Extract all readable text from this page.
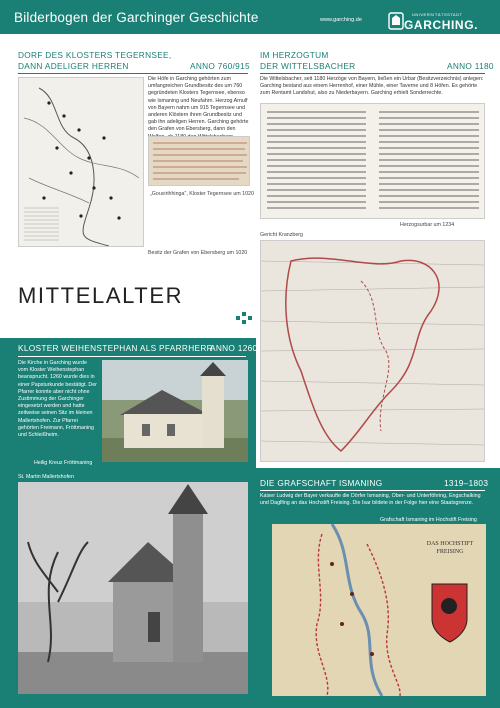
Bilderbogen der Garchinger Geschichte	www.garching.de
UNIVERSITÄTSSTADT
GARCHING.
DORF DES KLOSTERS TEGERNSEE,
DANN ADELIGER HERREN	ANNO 760/915
Die Höfe in Garching gehörten zum umfangreichen Grundbesitz des um 760 gegründeten Klosters Tegernsee, ebenso wie Ismaning und Neufahrn. Herzog Arnulf von Bayern nahm um 915 Tegernsee und anderen Klöstern ihren Grundbesitz und gab ihn adeligen Herren. Garching gehörte den Grafen von Ebersberg, dann den
„Gouvirihhinga", Kloster Tegernsee um 1020
Besitz der Grafen von Ebersberg um 1020
IM HERZOGTUM
DER WITTELSBACHER	ANNO 1180
Die Wittelsbacher, seit 1180 Herzöge von Bayern, ließen ein Urbar (Besitzverzeichnis) anlegen: Garching bestand aus einem Herrenhof, einer Mühle, einer Taverne und 8 Höfen. Es gehörte zum Rentamt Landshut, also zu Niederbayern. Garching erhielt Sonderrechte.
Herzogsurbar um 1234
Gericht Kranzberg
MITTELALTER
KLOSTER WEIHENSTEPHAN ALS PFARRHERR
ANNO 1260
Die Kirche in Garching wurde vom Kloster Weihenstephan beansprucht. 1260 wurde dies in einer Papsturkunde bestätigt. Der Pfarrer konnte aber nicht ohne Zustimmung der Garchinger eingesetzt werden und hatte zeitweise seinen Sitz im kleinen Mallertshofen. Zur Pfarrei gehörten Freimann, Fröttmaning und Schleißheim.
Heilig Kreuz Fröttmaning
St. Martin Mallertshofen
DIE GRAFSCHAFT ISMANING	1319–1803
Kaiser Ludwig der Bayer verkaufte die Dörfer Ismaning, Ober- und Unterföhring, Engschalking und Daglfing an das Hochstift Freising. Die Isar bildete in der Folge hier eine Staatsgrenze.
Grafschaft Ismaning im Hochstift Freising
DAS HOCHSTIFT FREISING
